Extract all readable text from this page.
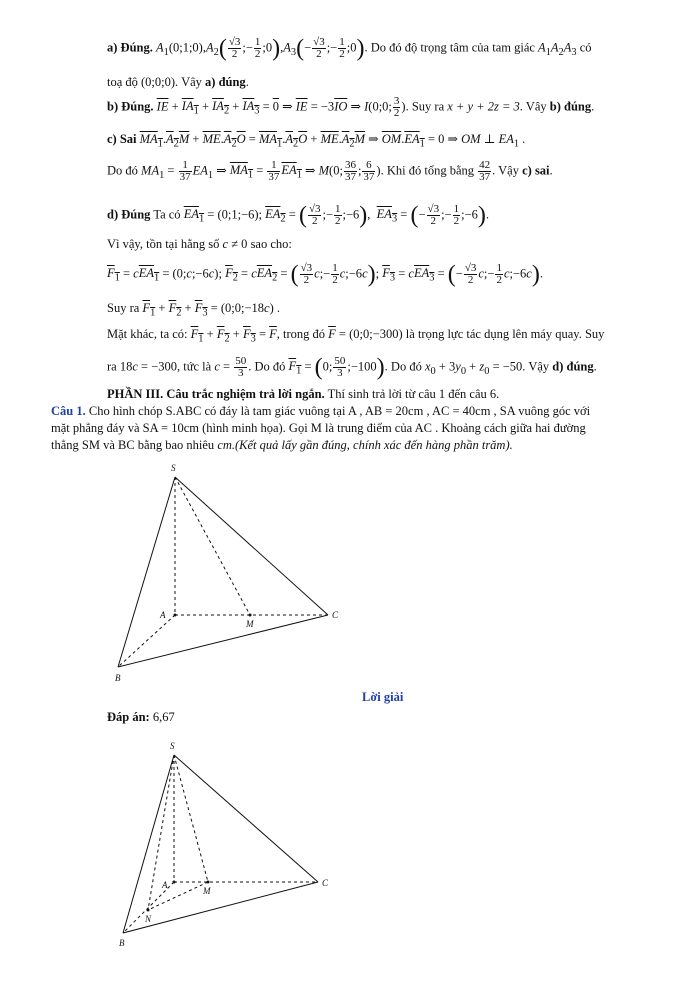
a) Đúng. $A_1(0;1;0),A_2( \frac{√3}{2}$ ;− $\frac{1}{2}$ $;0),A_3(- \frac{√3}{2}$ ;− $\frac{1}{2}$ ;0). Do đó độ trọng tâm của tam giác $A_1A_2A_3$ có
toạ độ (0;0;0). Vây a) đúng.
b) Đúng. $\overline{IE} + IA_1 + IA_2 + IA_3 = 0$ ⇒ $\overline{IE} = -3\overline{IO}$ ⇒ I(0;0; $\frac{3}{2}$ ). Suy ra x + y + 2z = 3. Vây b) đúng.
c) Sai $MA_1.A_2M + \overline{ME}.A_2O = MA_1.A_2O + \overline{ME}.A_2M$ ⇒ $\overline{OM}.EA_1 = 0$ ⇒ OM ⊥ $EA_1$ .
Do đó $MA_1 = \frac{1}{37} EA_1$ ⇒ $MA_1 = \frac{1}{37} EA_1$ ⇒ M(0; $\frac{36}{37}$ ; $\frac{6}{37}$ ). Khi đó tổng bằng $\frac{42}{37}$ . Vậy c) sai.
d) Đúng Ta có $EA_1$ = (0;1;−6); $EA_2$ = ( $\frac{√3}{2}$ ;− $\frac{1}{2}$ ;−6),  $EA_3$ = (− $\frac{√3}{2}$ ;− $\frac{1}{2}$ ;−6).
Vì vậy, tồn tại hằng số c ≠ 0 sao cho:
$F_1 = cEA_1$ = (0;c;−6c); $F_2 = cEA_2$ = ( $\frac{√3}{2}$ c;− $\frac{1}{2}$ c;−6c); $F_3 = cEA_3$ = (− $\frac{√3}{2}$ c;− $\frac{1}{2}$ c;−6c).
Suy ra $F_1 + F_2 + F_3$ = (0;0;−18c) .
Mặt khác, ta có: $F_1 + F_2 + F_3 = \overline{F}$, trong đó $\overline{F}$ = (0;0;−300) là trọng lực tác dụng lên máy quay. Suy
ra 18c = −300, tức là $c = \frac{50}{3}$ . Do đó $F_1 = (0$; $\frac{50}{3}$ ;−100). Do đó $x_0 + 3y_0 + z_0 = -50$. Vậy d) đúng.
PHẦN III. Câu trắc nghiệm trả lời ngắn. Thí sinh trả lời từ câu 1 đến câu 6.
Câu 1. Cho hình chóp S.ABC có đáy là tam giác vuông tại A , AB = 20cm , AC = 40cm , SA vuông góc với
mặt phẳng đáy và SA = 10cm (hình minh họa). Gọi M là trung điểm của AC . Khoảng cách giữa hai đường
thẳng SM và BC bằng bao nhiêu cm.(Kết quả lấy gần đúng, chính xác đến hàng phần trăm).
S
A
M
C
B
Lời giải
Đáp án: 6,67
S
A
M
C
N
B
